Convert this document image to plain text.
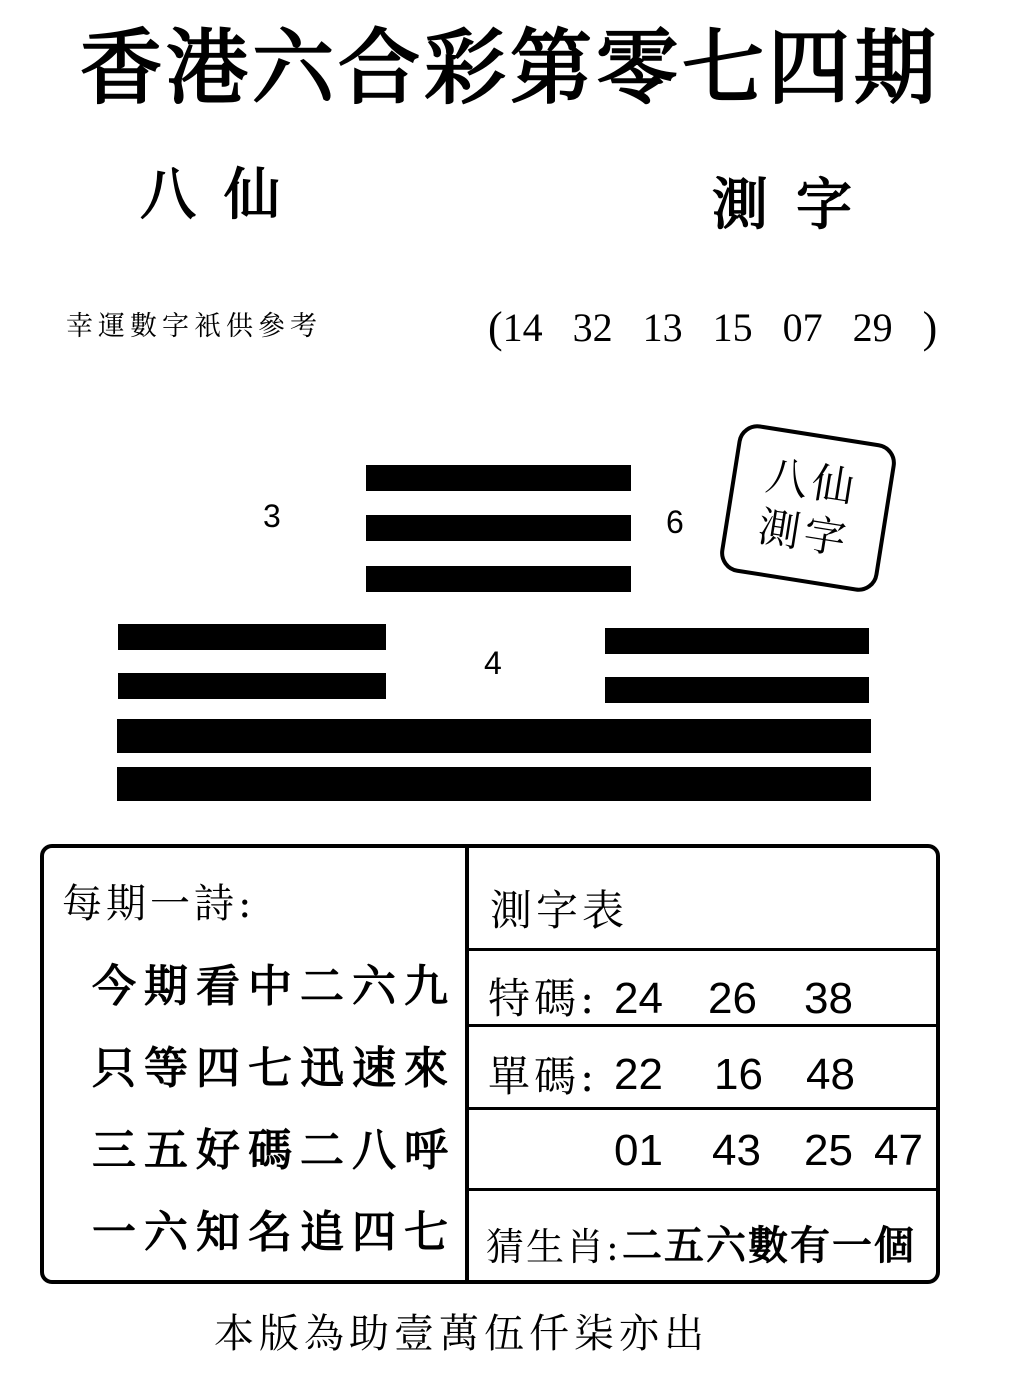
香港六合彩第零七四期
八仙	測字
幸運數字衹供參考	( 14 32 13 15 07 29 )
3	6
4
八仙
測字
每期一詩:
今期看中二六九
只等四七迅速來
三五好碼二八呼
一六知名追四七
測字表
特碼: 24 26 38
單碼: 22 16 48
01 43 25 47
猜生肖: 二五六數有一個
本版為助壹萬伍仟柒亦出
